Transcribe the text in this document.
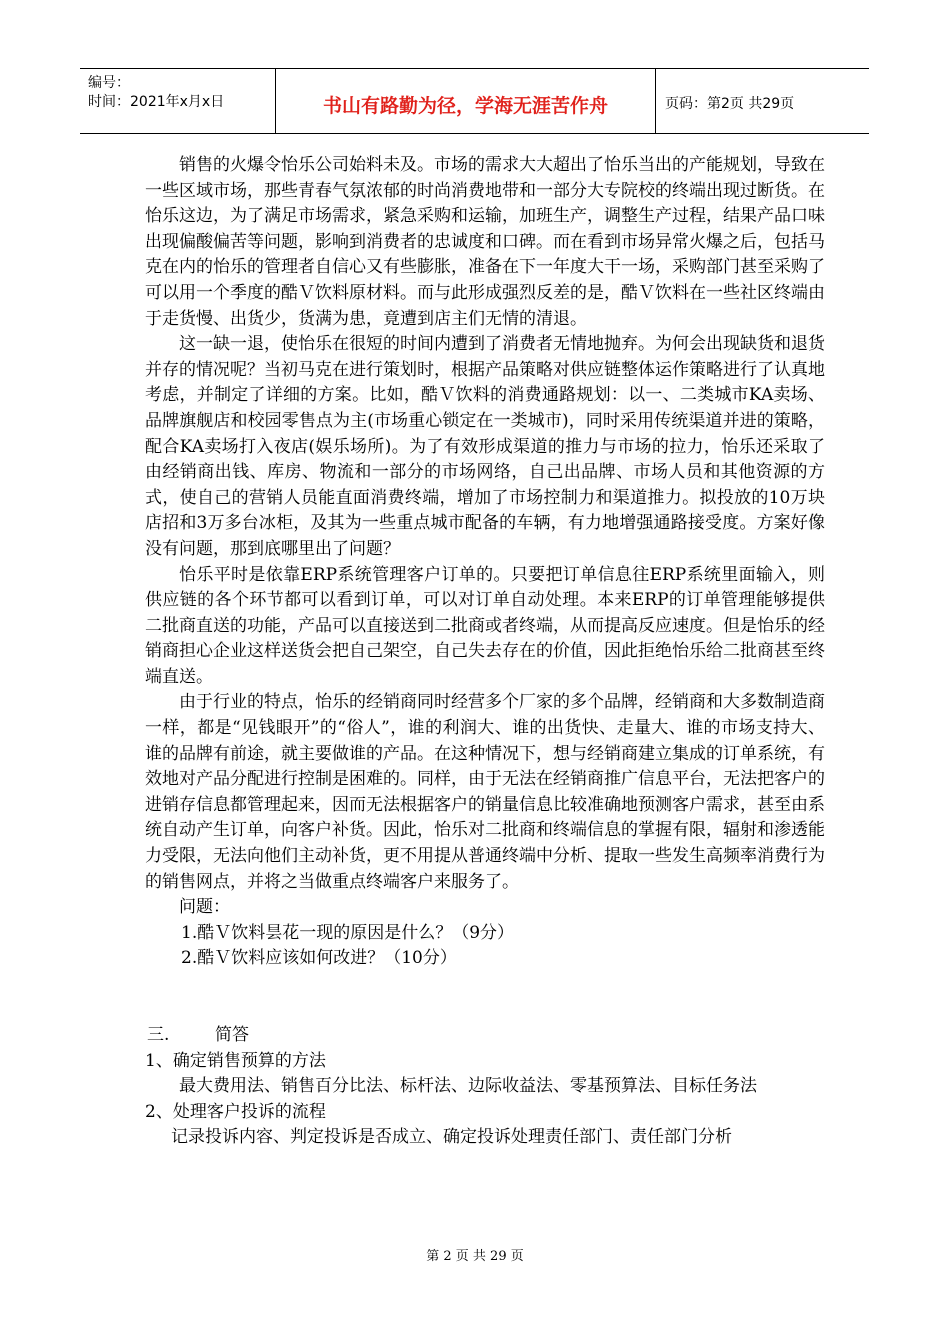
编号：
时间：2021年x月x日	书山有路勤为径，学海无涯苦作舟	页码：第2页 共29页

销售的火爆令怡乐公司始料未及。市场的需求大大超出了怡乐当出的产能规划，导致在一些区域市场，那些青春气氛浓郁的时尚消费地带和一部分大专院校的终端出现过断货。在怡乐这边，为了满足市场需求，紧急采购和运输，加班生产，调整生产过程，结果产品口味出现偏酸偏苦等问题，影响到消费者的忠诚度和口碑。而在看到市场异常火爆之后，包括马克在内的怡乐的管理者自信心又有些膨胀，准备在下一年度大干一场，采购部门甚至采购了可以用一个季度的酷Ｖ饮料原材料。而与此形成强烈反差的是，酷Ｖ饮料在一些社区终端由于走货慢、出货少，货满为患，竟遭到店主们无情的清退。

这一缺一退，使怡乐在很短的时间内遭到了消费者无情地抛弃。为何会出现缺货和退货并存的情况呢？当初马克在进行策划时，根据产品策略对供应链整体运作策略进行了认真地考虑，并制定了详细的方案。比如，酷Ｖ饮料的消费通路规划：以一、二类城市KA卖场、品牌旗舰店和校园零售点为主(市场重心锁定在一类城市)，同时采用传统渠道并进的策略，配合KA卖场打入夜店(娱乐场所)。为了有效形成渠道的推力与市场的拉力，怡乐还采取了由经销商出钱、库房、物流和一部分的市场网络，自己出品牌、市场人员和其他资源的方式，使自己的营销人员能直面消费终端，增加了市场控制力和渠道推力。拟投放的10万块店招和3万多台冰柜，及其为一些重点城市配备的车辆，有力地增强通路接受度。方案好像没有问题，那到底哪里出了问题？

怡乐平时是依靠ERP系统管理客户订单的。只要把订单信息往ERP系统里面输入，则供应链的各个环节都可以看到订单，可以对订单自动处理。本来ERP的订单管理能够提供二批商直送的功能，产品可以直接送到二批商或者终端，从而提高反应速度。但是怡乐的经销商担心企业这样送货会把自己架空，自己失去存在的价值，因此拒绝怡乐给二批商甚至终端直送。

由于行业的特点，怡乐的经销商同时经营多个厂家的多个品牌，经销商和大多数制造商一样，都是“见钱眼开”的“俗人”，谁的利润大、谁的出货快、走量大、谁的市场支持大、谁的品牌有前途，就主要做谁的产品。在这种情况下，想与经销商建立集成的订单系统，有效地对产品分配进行控制是困难的。同样，由于无法在经销商推广信息平台，无法把客户的进销存信息都管理起来，因而无法根据客户的销量信息比较准确地预测客户需求，甚至由系统自动产生订单，向客户补货。因此，怡乐对二批商和终端信息的掌握有限，辐射和渗透能力受限，无法向他们主动补货，更不用提从普通终端中分析、提取一些发生高频率消费行为的销售网点，并将之当做重点终端客户来服务了。

问题：

1.酷Ｖ饮料昙花一现的原因是什么？（9分）

2.酷Ｖ饮料应该如何改进？（10分）

三.	简答

1、确定销售预算的方法

最大费用法、销售百分比法、标杆法、边际收益法、零基预算法、目标任务法

2、处理客户投诉的流程

记录投诉内容、判定投诉是否成立、确定投诉处理责任部门、责任部门分析

第 2 页 共 29 页
